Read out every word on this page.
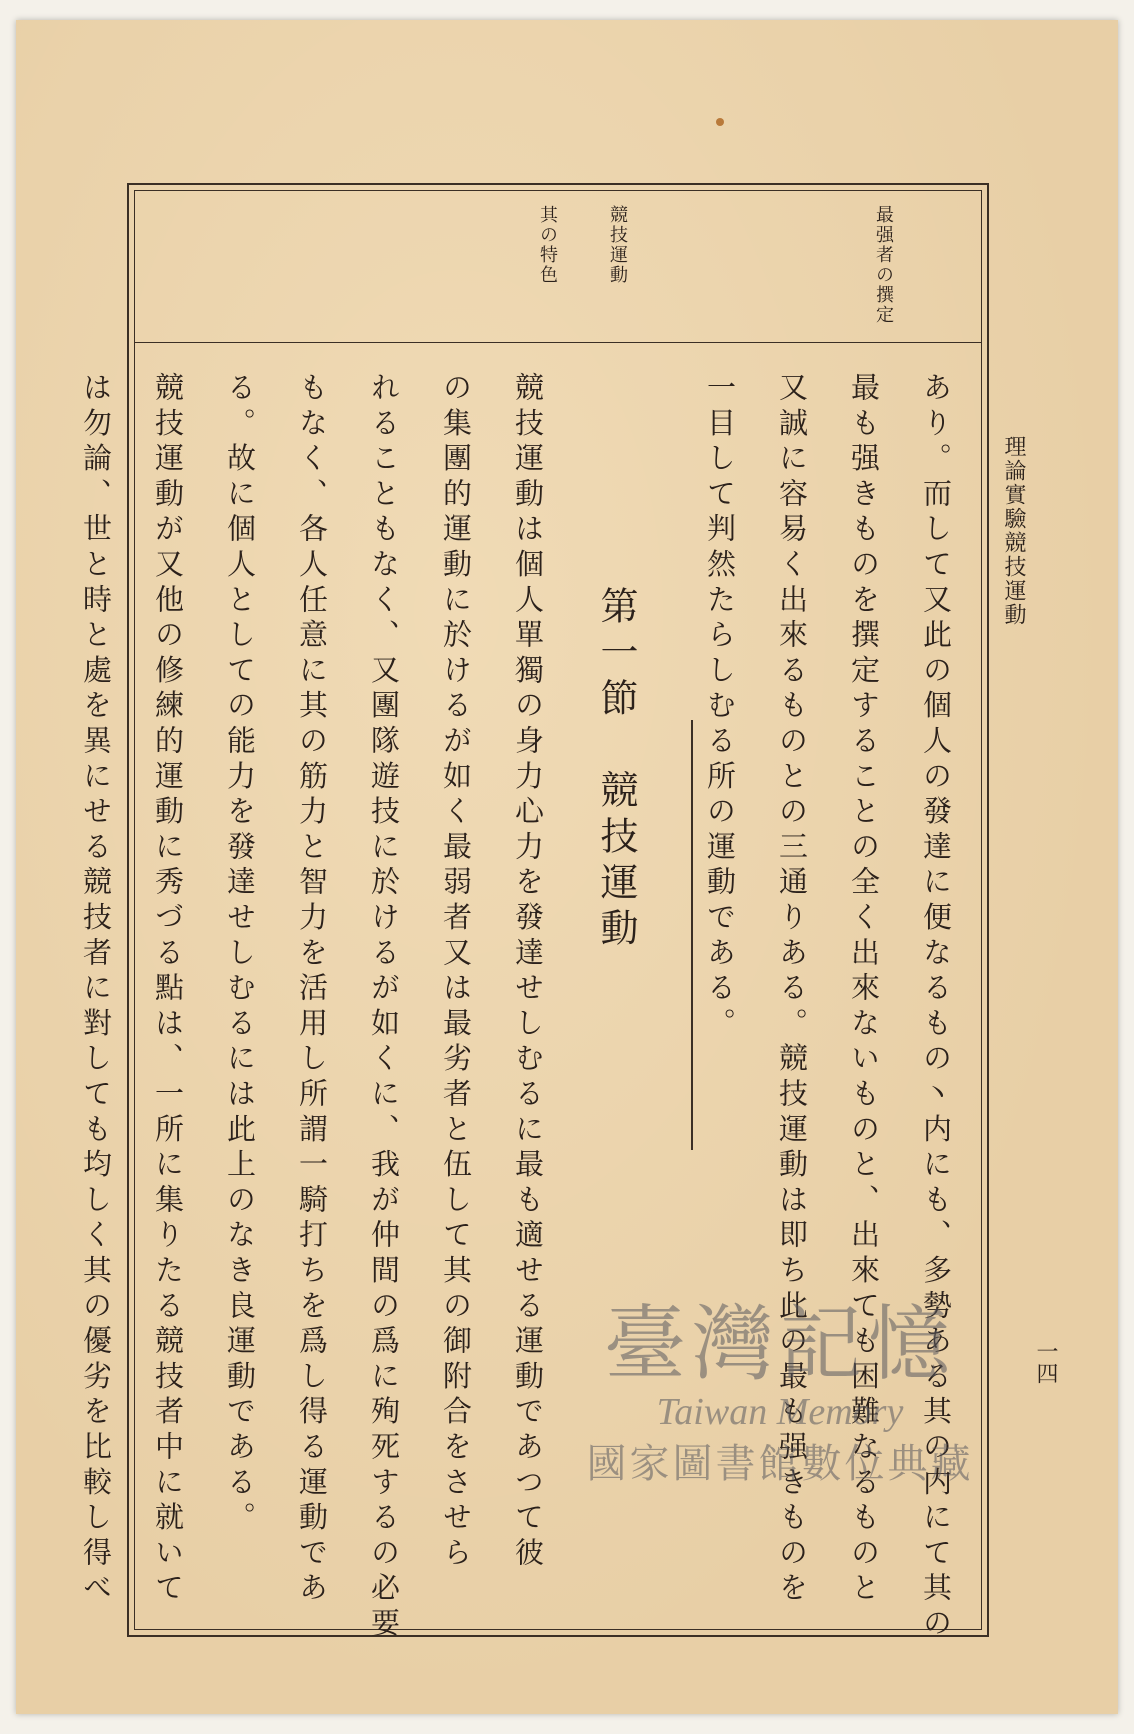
理論實驗競技運動
一四
最强者の撰定
競技運動
其の特色
あり。而して又此の個人の發達に便なるもの丶内にも、多勢ある其の内にて其の
最も强きものを撰定することの全く出來ないものと、出來ても困難なるものと
又誠に容易く出來るものとの三通りある。競技運動は即ち此の最も强きものを
一目して判然たらしむる所の運動である。
第一節　競技運動
競技運動は個人單獨の身力心力を發達せしむるに最も適せる運動であつて彼
の集團的運動に於けるが如く最弱者又は最劣者と伍して其の御附合をさせら
れることもなく、又團隊遊技に於けるが如くに、我が仲間の爲に殉死するの必要
もなく、各人任意に其の筋力と智力を活用し所謂一騎打ちを爲し得る運動であ
る。故に個人としての能力を發達せしむるには此上のなき良運動である。
競技運動が又他の修練的運動に秀づる點は、一所に集りたる競技者中に就いて
は勿論、世と時と處を異にせる競技者に對しても均しく其の優劣を比較し得べ	臺灣記憶
Taiwan Memory
國家圖書館數位典藏
